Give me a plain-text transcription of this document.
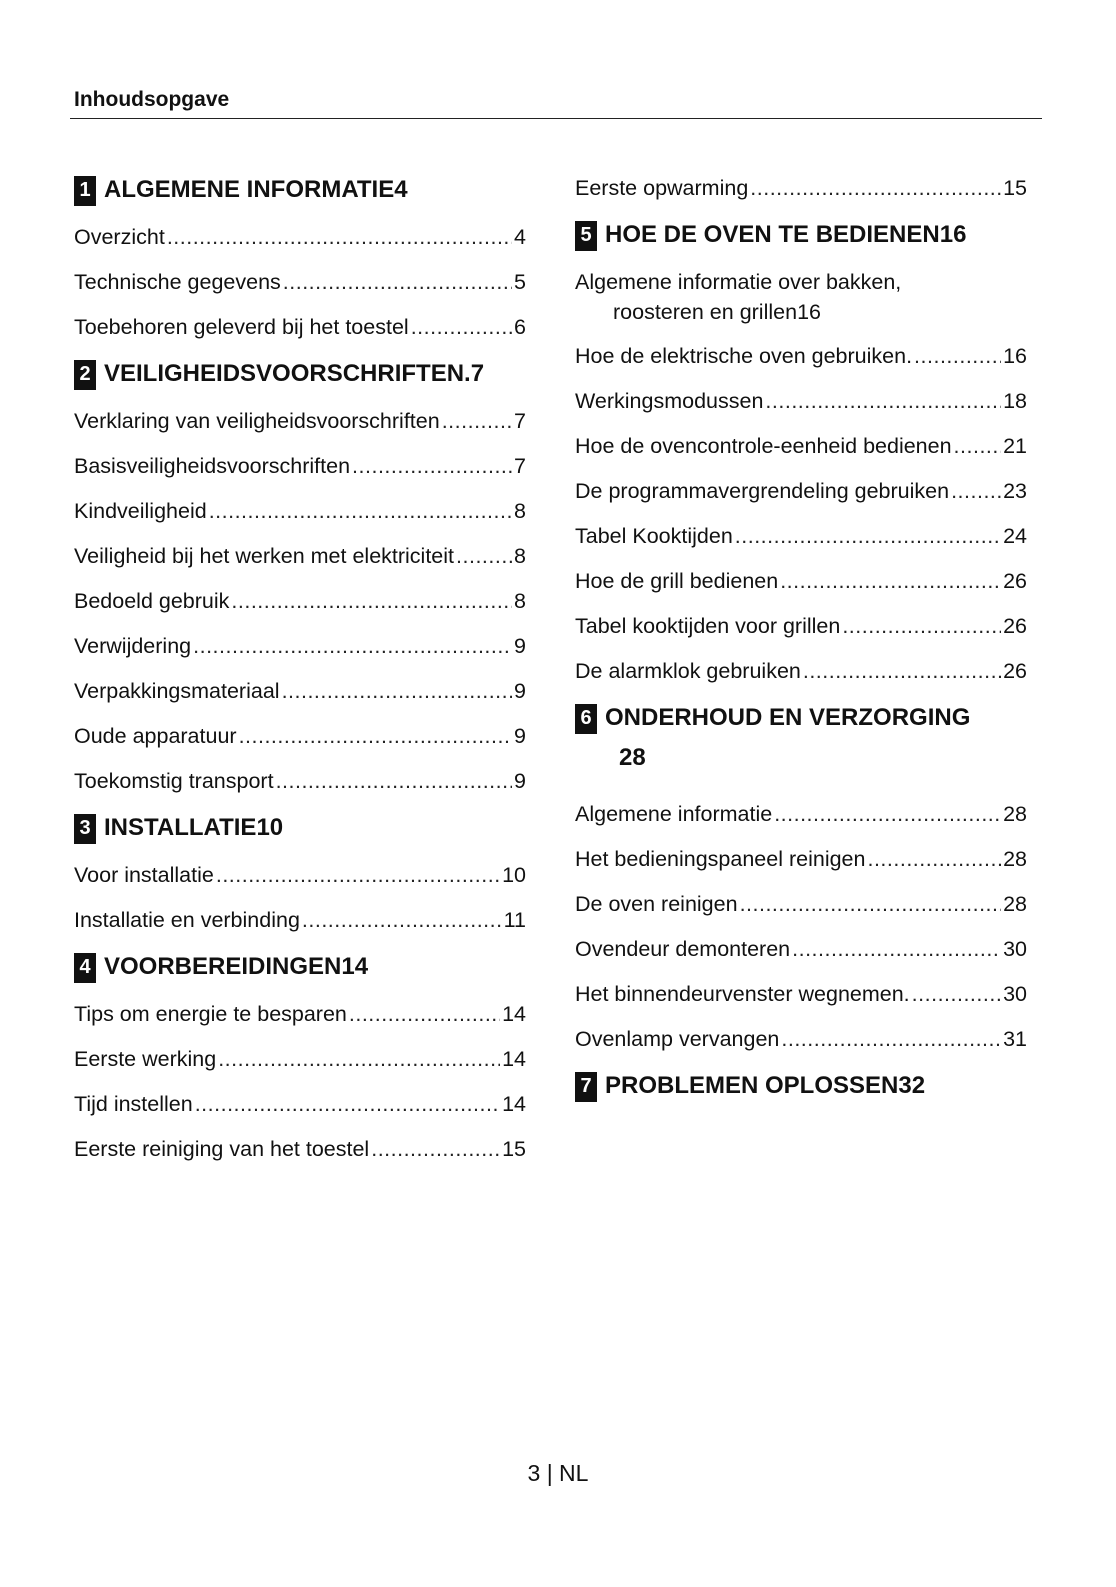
Inhoudsopgave
1 ALGEMENE INFORMATIE 4
Overzicht .....	4
Technische gegevens .....	5
Toebehoren geleverd bij het toestel .....	6
2 VEILIGHEIDSVOORSCHRIFTEN. 7
Verklaring van veiligheidsvoorschriften .....	7
Basisveiligheidsvoorschriften .....	7
Kindveiligheid .....	8
Veiligheid bij het werken met elektriciteit .....	8
Bedoeld gebruik .....	8
Verwijdering .....	9
Verpakkingsmateriaal .....	9
Oude apparatuur .....	9
Toekomstig transport .....	9
3 INSTALLATIE 10
Voor installatie .....	10
Installatie en verbinding .....	11
4 VOORBEREIDINGEN 14
Tips om energie te besparen .....	14
Eerste werking .....	14
Tijd instellen .....	14
Eerste reiniging van het toestel .....	15
Eerste opwarming .....	15
5 HOE DE OVEN TE BEDIENEN 16
Algemene informatie over bakken,
roosteren en grillen 16
Hoe de elektrische oven gebruiken. .....	16
Werkingsmodussen .....	18
Hoe de ovencontrole-eenheid bedienen ..... 21
De programmavergrendeling gebruiken .....	23
Tabel Kooktijden .....	24
Hoe de grill bedienen .....	26
Tabel kooktijden voor grillen .....	26
De alarmklok gebruiken .....	26
6 ONDERHOUD EN VERZORGING
28
Algemene informatie .....	28
Het bedieningspaneel reinigen .....	28
De oven reinigen .....	28
Ovendeur demonteren .....	30
Het binnendeurvenster wegnemen. .....	30
Ovenlamp vervangen .....	31
7 PROBLEMEN OPLOSSEN 32
3 | NL
